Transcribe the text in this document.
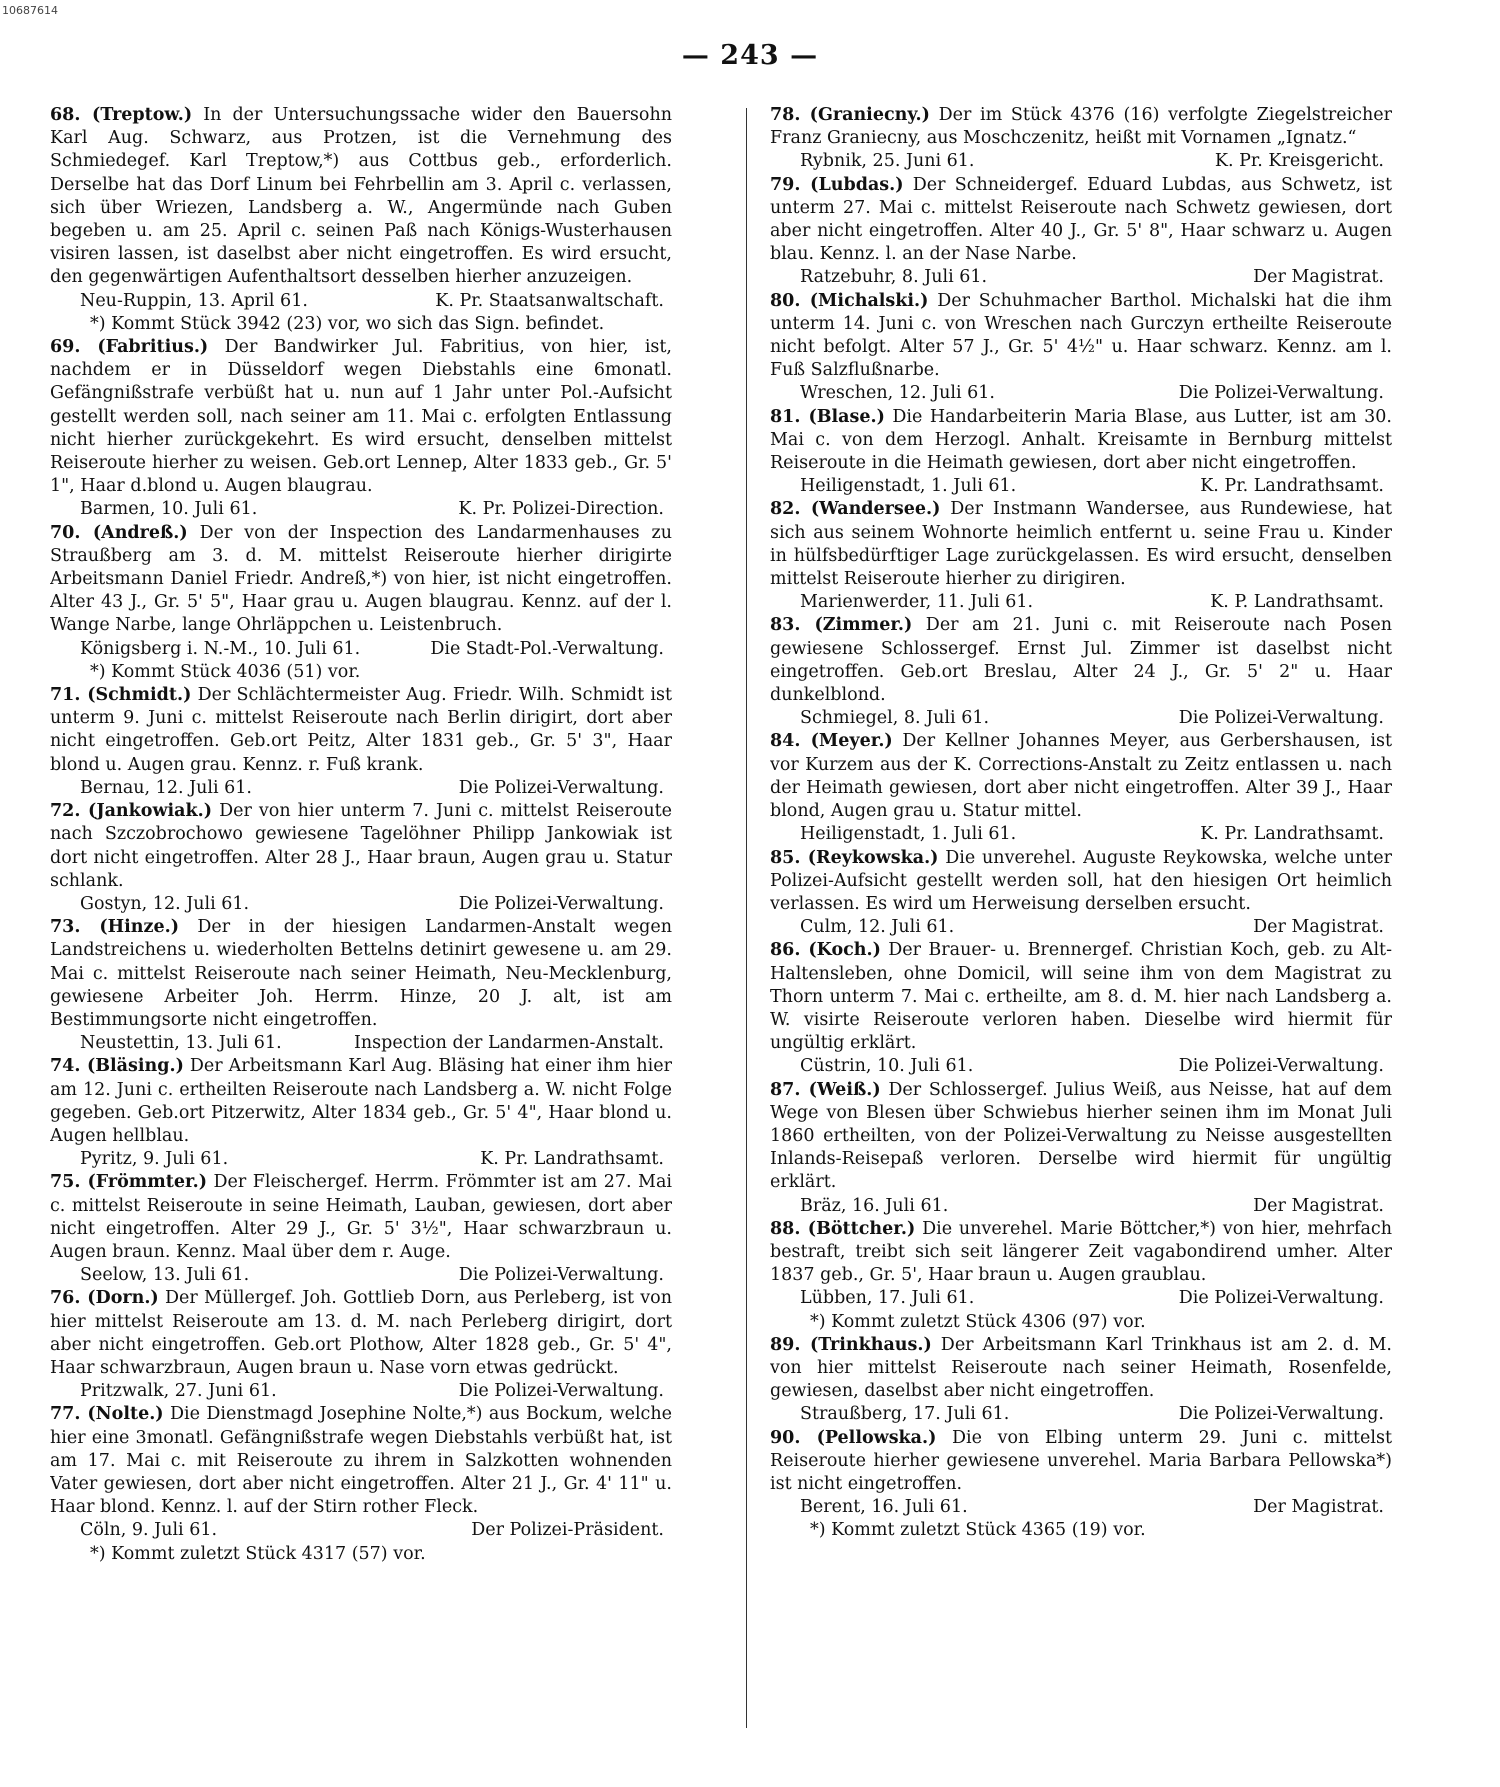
10687614
— 243 —
68. (Treptow.) In der Untersuchungssache wider den Bauersohn Karl Aug. Schwarz, aus Protzen, ist die Vernehmung des Schmiedegef. Karl Treptow,*) aus Cottbus geb., erforderlich. Derselbe hat das Dorf Linum bei Fehrbellin am 3. April c. verlassen, sich über Wriezen, Landsberg a. W., Angermünde nach Guben begeben u. am 25. April c. seinen Paß nach Königs-Wusterhausen visiren lassen, ist daselbst aber nicht eingetroffen. Es wird ersucht, den gegenwärtigen Aufenthaltsort desselben hierher anzuzeigen.
Neu-Ruppin, 13. April 61.	K. Pr. Staatsanwaltschaft.
*) Kommt Stück 3942 (23) vor, wo sich das Sign. befindet.
69. (Fabritius.) Der Bandwirker Jul. Fabritius, von hier, ist, nachdem er in Düsseldorf wegen Diebstahls eine 6monatl. Gefängnißstrafe verbüßt hat u. nun auf 1 Jahr unter Pol.-Aufsicht gestellt werden soll, nach seiner am 11. Mai c. erfolgten Entlassung nicht hierher zurückgekehrt. Es wird ersucht, denselben mittelst Reiseroute hierher zu weisen. Geb.ort Lennep, Alter 1833 geb., Gr. 5' 1", Haar d.blond u. Augen blaugrau.
Barmen, 10. Juli 61.	K. Pr. Polizei-Direction.
70. (Andreß.) Der von der Inspection des Landarmenhauses zu Straußberg am 3. d. M. mittelst Reiseroute hierher dirigirte Arbeitsmann Daniel Friedr. Andreß,*) von hier, ist nicht eingetroffen. Alter 43 J., Gr. 5' 5", Haar grau u. Augen blaugrau. Kennz. auf der l. Wange Narbe, lange Ohrläppchen u. Leistenbruch.
Königsberg i. N.-M., 10. Juli 61.	Die Stadt-Pol.-Verwaltung.
*) Kommt Stück 4036 (51) vor.
71. (Schmidt.) Der Schlächtermeister Aug. Friedr. Wilh. Schmidt ist unterm 9. Juni c. mittelst Reiseroute nach Berlin dirigirt, dort aber nicht eingetroffen. Geb.ort Peitz, Alter 1831 geb., Gr. 5' 3", Haar blond u. Augen grau. Kennz. r. Fuß krank.
Bernau, 12. Juli 61.	Die Polizei-Verwaltung.
72. (Jankowiak.) Der von hier unterm 7. Juni c. mittelst Reiseroute nach Szczobrochowo gewiesene Tagelöhner Philipp Jankowiak ist dort nicht eingetroffen. Alter 28 J., Haar braun, Augen grau u. Statur schlank.
Gostyn, 12. Juli 61.	Die Polizei-Verwaltung.
73. (Hinze.) Der in der hiesigen Landarmen-Anstalt wegen Landstreichens u. wiederholten Bettelns detinirt gewesene u. am 29. Mai c. mittelst Reiseroute nach seiner Heimath, Neu-Mecklenburg, gewiesene Arbeiter Joh. Herrm. Hinze, 20 J. alt, ist am Bestimmungsorte nicht eingetroffen.
Neustettin, 13. Juli 61.	Inspection der Landarmen-Anstalt.
74. (Bläsing.) Der Arbeitsmann Karl Aug. Bläsing hat einer ihm hier am 12. Juni c. ertheilten Reiseroute nach Landsberg a. W. nicht Folge gegeben. Geb.ort Pitzerwitz, Alter 1834 geb., Gr. 5' 4", Haar blond u. Augen hellblau.
Pyritz, 9. Juli 61.	K. Pr. Landrathsamt.
75. (Frömmter.) Der Fleischergef. Herrm. Frömmter ist am 27. Mai c. mittelst Reiseroute in seine Heimath, Lauban, gewiesen, dort aber nicht eingetroffen. Alter 29 J., Gr. 5' 3½", Haar schwarzbraun u. Augen braun. Kennz. Maal über dem r. Auge.
Seelow, 13. Juli 61.	Die Polizei-Verwaltung.
76. (Dorn.) Der Müllergef. Joh. Gottlieb Dorn, aus Perleberg, ist von hier mittelst Reiseroute am 13. d. M. nach Perleberg dirigirt, dort aber nicht eingetroffen. Geb.ort Plothow, Alter 1828 geb., Gr. 5' 4", Haar schwarzbraun, Augen braun u. Nase vorn etwas gedrückt.
Pritzwalk, 27. Juni 61.	Die Polizei-Verwaltung.
77. (Nolte.) Die Dienstmagd Josephine Nolte,*) aus Bockum, welche hier eine 3monatl. Gefängnißstrafe wegen Diebstahls verbüßt hat, ist am 17. Mai c. mit Reiseroute zu ihrem in Salzkotten wohnenden Vater gewiesen, dort aber nicht eingetroffen. Alter 21 J., Gr. 4' 11" u. Haar blond. Kennz. l. auf der Stirn rother Fleck.
Cöln, 9. Juli 61.	Der Polizei-Präsident.
*) Kommt zuletzt Stück 4317 (57) vor.
78. (Graniecny.) Der im Stück 4376 (16) verfolgte Ziegelstreicher Franz Graniecny, aus Moschczenitz, heißt mit Vornamen „Ignatz.“
Rybnik, 25. Juni 61.	K. Pr. Kreisgericht.
79. (Lubdas.) Der Schneidergef. Eduard Lubdas, aus Schwetz, ist unterm 27. Mai c. mittelst Reiseroute nach Schwetz gewiesen, dort aber nicht eingetroffen. Alter 40 J., Gr. 5' 8", Haar schwarz u. Augen blau. Kennz. l. an der Nase Narbe.
Ratzebuhr, 8. Juli 61.	Der Magistrat.
80. (Michalski.) Der Schuhmacher Barthol. Michalski hat die ihm unterm 14. Juni c. von Wreschen nach Gurczyn ertheilte Reiseroute nicht befolgt. Alter 57 J., Gr. 5' 4½" u. Haar schwarz. Kennz. am l. Fuß Salzflußnarbe.
Wreschen, 12. Juli 61.	Die Polizei-Verwaltung.
81. (Blase.) Die Handarbeiterin Maria Blase, aus Lutter, ist am 30. Mai c. von dem Herzogl. Anhalt. Kreisamte in Bernburg mittelst Reiseroute in die Heimath gewiesen, dort aber nicht eingetroffen.
Heiligenstadt, 1. Juli 61.	K. Pr. Landrathsamt.
82. (Wandersee.) Der Instmann Wandersee, aus Rundewiese, hat sich aus seinem Wohnorte heimlich entfernt u. seine Frau u. Kinder in hülfsbedürftiger Lage zurückgelassen. Es wird ersucht, denselben mittelst Reiseroute hierher zu dirigiren.
Marienwerder, 11. Juli 61.	K. P. Landrathsamt.
83. (Zimmer.) Der am 21. Juni c. mit Reiseroute nach Posen gewiesene Schlossergef. Ernst Jul. Zimmer ist daselbst nicht eingetroffen. Geb.ort Breslau, Alter 24 J., Gr. 5' 2" u. Haar dunkelblond.
Schmiegel, 8. Juli 61.	Die Polizei-Verwaltung.
84. (Meyer.) Der Kellner Johannes Meyer, aus Gerbershausen, ist vor Kurzem aus der K. Corrections-Anstalt zu Zeitz entlassen u. nach der Heimath gewiesen, dort aber nicht eingetroffen. Alter 39 J., Haar blond, Augen grau u. Statur mittel.
Heiligenstadt, 1. Juli 61.	K. Pr. Landrathsamt.
85. (Reykowska.) Die unverehel. Auguste Reykowska, welche unter Polizei-Aufsicht gestellt werden soll, hat den hiesigen Ort heimlich verlassen. Es wird um Herweisung derselben ersucht.
Culm, 12. Juli 61.	Der Magistrat.
86. (Koch.) Der Brauer- u. Brennergef. Christian Koch, geb. zu Alt-Haltensleben, ohne Domicil, will seine ihm von dem Magistrat zu Thorn unterm 7. Mai c. ertheilte, am 8. d. M. hier nach Landsberg a. W. visirte Reiseroute verloren haben. Dieselbe wird hiermit für ungültig erklärt.
Cüstrin, 10. Juli 61.	Die Polizei-Verwaltung.
87. (Weiß.) Der Schlossergef. Julius Weiß, aus Neisse, hat auf dem Wege von Blesen über Schwiebus hierher seinen ihm im Monat Juli 1860 ertheilten, von der Polizei-Verwaltung zu Neisse ausgestellten Inlands-Reisepaß verloren. Derselbe wird hiermit für ungültig erklärt.
Bräz, 16. Juli 61.	Der Magistrat.
88. (Böttcher.) Die unverehel. Marie Böttcher,*) von hier, mehrfach bestraft, treibt sich seit längerer Zeit vagabondirend umher. Alter 1837 geb., Gr. 5', Haar braun u. Augen graublau.
Lübben, 17. Juli 61.	Die Polizei-Verwaltung.
*) Kommt zuletzt Stück 4306 (97) vor.
89. (Trinkhaus.) Der Arbeitsmann Karl Trinkhaus ist am 2. d. M. von hier mittelst Reiseroute nach seiner Heimath, Rosenfelde, gewiesen, daselbst aber nicht eingetroffen.
Straußberg, 17. Juli 61.	Die Polizei-Verwaltung.
90. (Pellowska.) Die von Elbing unterm 29. Juni c. mittelst Reiseroute hierher gewiesene unverehel. Maria Barbara Pellowska*) ist nicht eingetroffen.
Berent, 16. Juli 61.	Der Magistrat.
*) Kommt zuletzt Stück 4365 (19) vor.
